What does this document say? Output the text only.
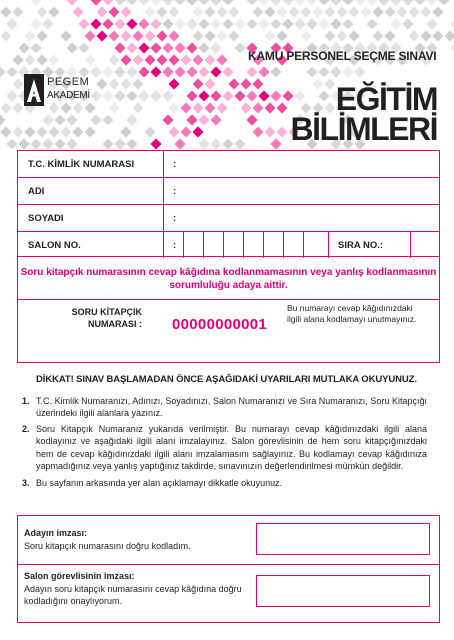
KAMU PERSONEL SEÇME SINAVI
PEGEM
AKADEMİ	EĞİTİM
BİLİMLERİ
T.C. KİMLİK NUMARASI	:
ADI	:
SOYADI	:
SALON NO.	:	SIRA NO.:
Soru kitapçık numarasının cevap kâğıdına kodlanmamasının veya yanlış kodlanmasının sorumluluğu adaya aittir.
SORU KİTAPÇIK NUMARASI : 00000000001
Bu numarayı cevap kâğıdınızdaki ilgili alana kodlamayı unutmayınız.
DİKKAT! SINAV BAŞLAMADAN ÖNCE AŞAĞIDAKİ UYARILARI MUTLAKA OKUYUNUZ.
1. T.C. Kimlik Numaranızı, Adınızı, Soyadınızı, Salon Numaranızı ve Sıra Numaranızı, Soru Kitapçığı üzerindeki ilgili alanlara yazınız.
2. Soru Kitapçık Numaranız yukarıda verilmiştir. Bu numarayı cevap kâğıdınızdaki ilgili alana kodlayınız ve aşağıdaki ilgili alanı imzalayınız. Salon görevlisinin de hem soru kitapçığınızdaki hem de cevap kâğıdınızdaki ilgili alanı imzalamasını sağlayınız. Bu kodlamayı cevap kâğıdınıza yapmadığınız veya yanlış yaptığınız takdirde, sınavınızın değerlendirilmesi mümkün değildir.
3. Bu sayfanın arkasında yer alan açıklamayı dikkatle okuyunuz.
Adayın imzası:
Soru kitapçık numarasını doğru kodladım.
Salon görevlisinin imzası:
Adayın soru kitapçık numarasını cevap kâğıdına doğru kodladığını onaylıyorum.
